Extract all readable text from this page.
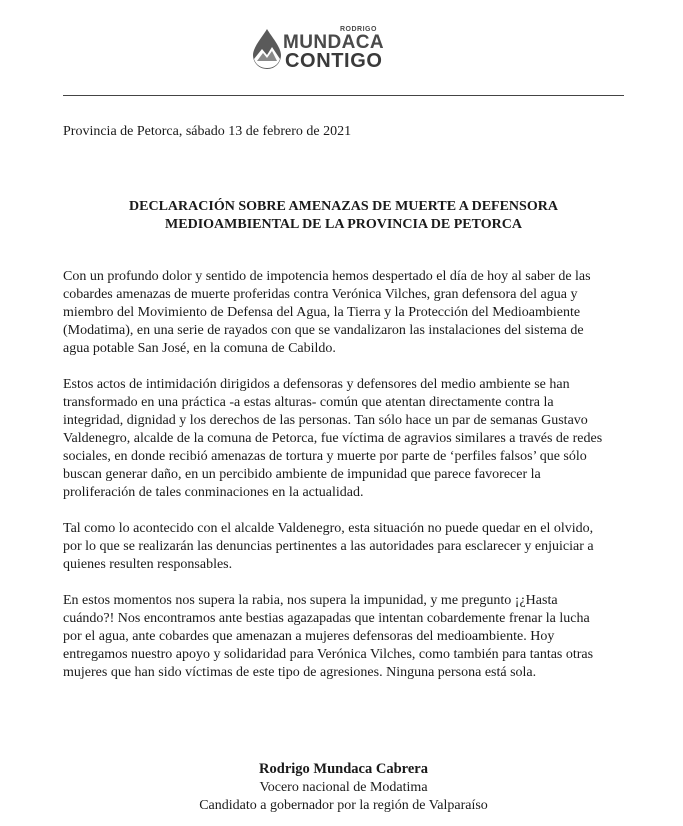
RODRIGO
MUNDACA
CONTIGO
Provincia de Petorca, sábado 13 de febrero de 2021
DECLARACIÓN SOBRE AMENAZAS DE MUERTE A DEFENSORA
MEDIOAMBIENTAL DE LA PROVINCIA DE PETORCA
Con un profundo dolor y sentido de impotencia hemos despertado el día de hoy al saber de las
cobardes amenazas de muerte proferidas contra Verónica Vilches, gran defensora del agua y
miembro del Movimiento de Defensa del Agua, la Tierra y la Protección del Medioambiente
(Modatima), en una serie de rayados con que se vandalizaron las instalaciones del sistema de
agua potable San José, en la comuna de Cabildo.
Estos actos de intimidación dirigidos a defensoras y defensores del medio ambiente se han
transformado en una práctica -a estas alturas- común que atentan directamente contra la
integridad, dignidad y los derechos de las personas. Tan sólo hace un par de semanas Gustavo
Valdenegro, alcalde de la comuna de Petorca, fue víctima de agravios similares a través de redes
sociales, en donde recibió amenazas de tortura y muerte por parte de ‘perfiles falsos’ que sólo
buscan generar daño, en un percibido ambiente de impunidad que parece favorecer la
proliferación de tales conminaciones en la actualidad.
Tal como lo acontecido con el alcalde Valdenegro, esta situación no puede quedar en el olvido,
por lo que se realizarán las denuncias pertinentes a las autoridades para esclarecer y enjuiciar a
quienes resulten responsables.
En estos momentos nos supera la rabia, nos supera la impunidad, y me pregunto ¡¿Hasta
cuándo?! Nos encontramos ante bestias agazapadas que intentan cobardemente frenar la lucha
por el agua, ante cobardes que amenazan a mujeres defensoras del medioambiente. Hoy
entregamos nuestro apoyo y solidaridad para Verónica Vilches, como también para tantas otras
mujeres que han sido víctimas de este tipo de agresiones. Ninguna persona está sola.
Rodrigo Mundaca Cabrera
Vocero nacional de Modatima
Candidato a gobernador por la región de Valparaíso
